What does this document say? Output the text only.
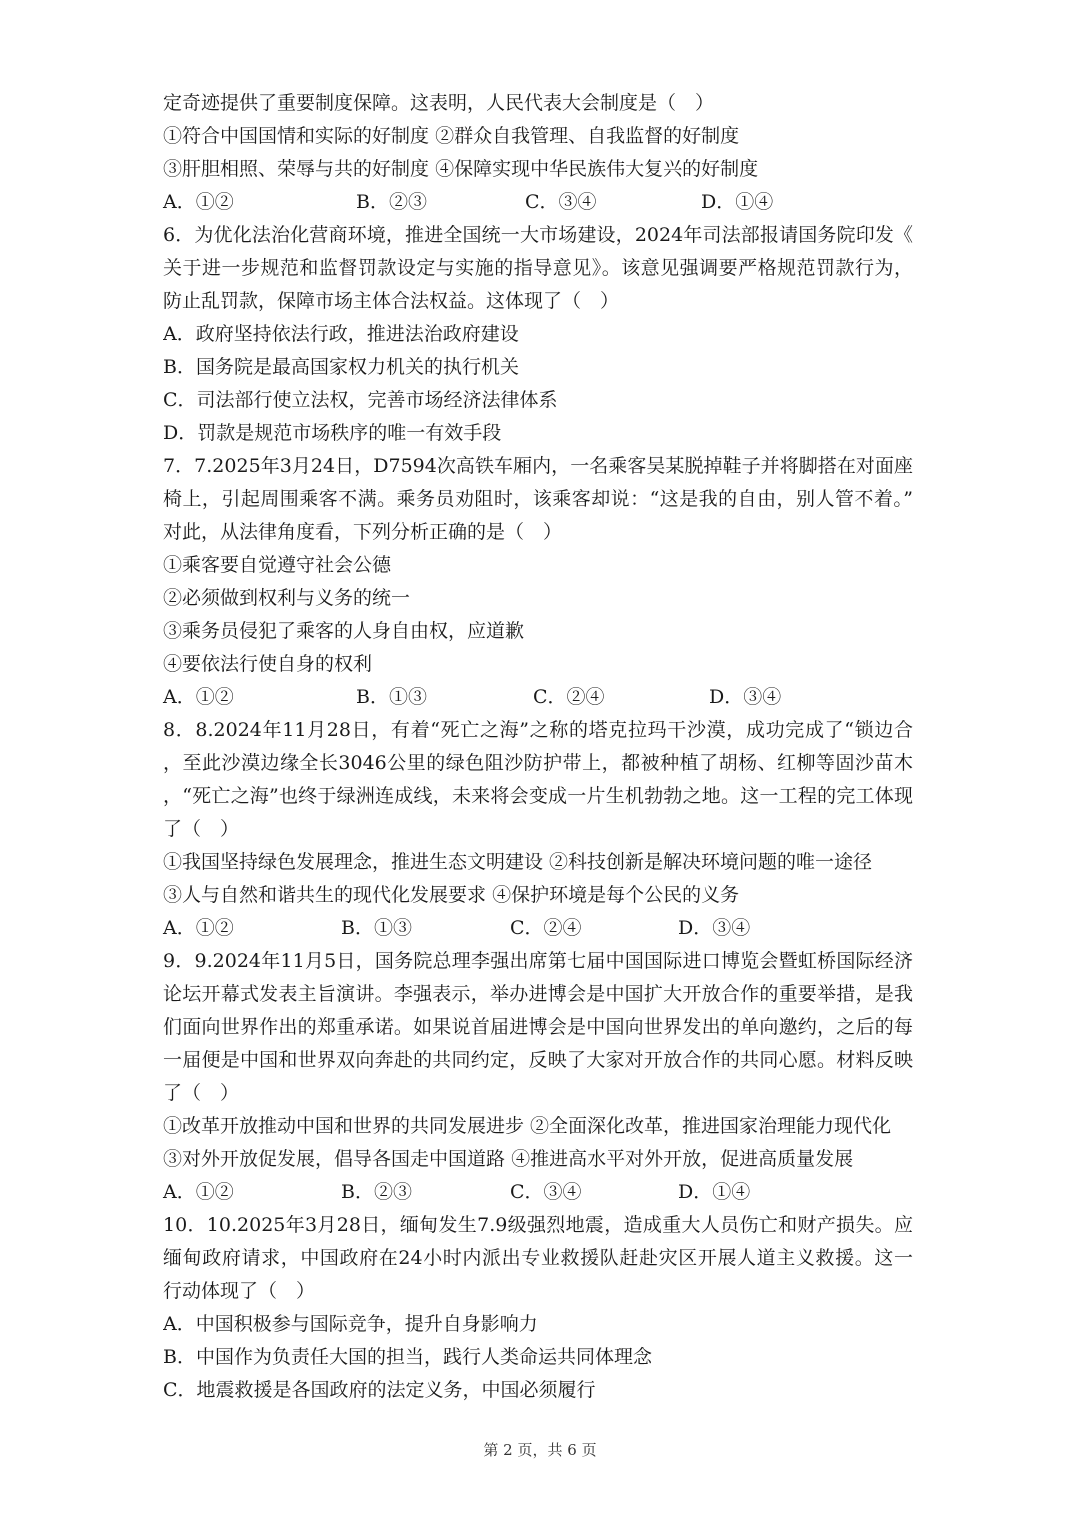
定奇迹提供了重要制度保障。这表明，人民代表大会制度是（　）
①符合中国国情和实际的好制度 ②群众自我管理、自我监督的好制度
③肝胆相照、荣辱与共的好制度 ④保障实现中华民族伟大复兴的好制度
A．①②	B．②③	C．③④	D．①④
6．为优化法治化营商环境，推进全国统一大市场建设，2024年司法部报请国务院印发《
关于进一步规范和监督罚款设定与实施的指导意见》。该意见强调要严格规范罚款行为，
防止乱罚款，保障市场主体合法权益。这体现了（　）
A．政府坚持依法行政，推进法治政府建设
B．国务院是最高国家权力机关的执行机关
C．司法部行使立法权，完善市场经济法律体系
D．罚款是规范市场秩序的唯一有效手段
7．7.2025年3月24日，D7594次高铁车厢内，一名乘客吴某脱掉鞋子并将脚搭在对面座
椅上，引起周围乘客不满。乘务员劝阻时，该乘客却说：“这是我的自由，别人管不着。”
对此，从法律角度看，下列分析正确的是（　）
①乘客要自觉遵守社会公德
②必须做到权利与义务的统一
③乘务员侵犯了乘客的人身自由权，应道歉
④要依法行使自身的权利
A．①②	B．①③	C．②④	D．③④
8．8.2024年11月28日，有着“死亡之海”之称的塔克拉玛干沙漠，成功完成了“锁边合
，至此沙漠边缘全长3046公里的绿色阻沙防护带上，都被种植了胡杨、红柳等固沙苗木
，“死亡之海”也终于绿洲连成线，未来将会变成一片生机勃勃之地。这一工程的完工体现
了（　）
①我国坚持绿色发展理念，推进生态文明建设 ②科技创新是解决环境问题的唯一途径
③人与自然和谐共生的现代化发展要求 ④保护环境是每个公民的义务
A．①②	B．①③	C．②④	D．③④
9．9.2024年11月5日，国务院总理李强出席第七届中国国际进口博览会暨虹桥国际经济
论坛开幕式发表主旨演讲。李强表示，举办进博会是中国扩大开放合作的重要举措，是我
们面向世界作出的郑重承诺。如果说首届进博会是中国向世界发出的单向邀约，之后的每
一届便是中国和世界双向奔赴的共同约定，反映了大家对开放合作的共同心愿。材料反映
了（　）
①改革开放推动中国和世界的共同发展进步 ②全面深化改革，推进国家治理能力现代化
③对外开放促发展，倡导各国走中国道路 ④推进高水平对外开放，促进高质量发展
A．①②	B．②③	C．③④	D．①④
10．10.2025年3月28日，缅甸发生7.9级强烈地震，造成重大人员伤亡和财产损失。应
缅甸政府请求，中国政府在24小时内派出专业救援队赶赴灾区开展人道主义救援。这一
行动体现了（　）
A．中国积极参与国际竞争，提升自身影响力
B．中国作为负责任大国的担当，践行人类命运共同体理念
C．地震救援是各国政府的法定义务，中国必须履行
第 2 页，共 6 页
